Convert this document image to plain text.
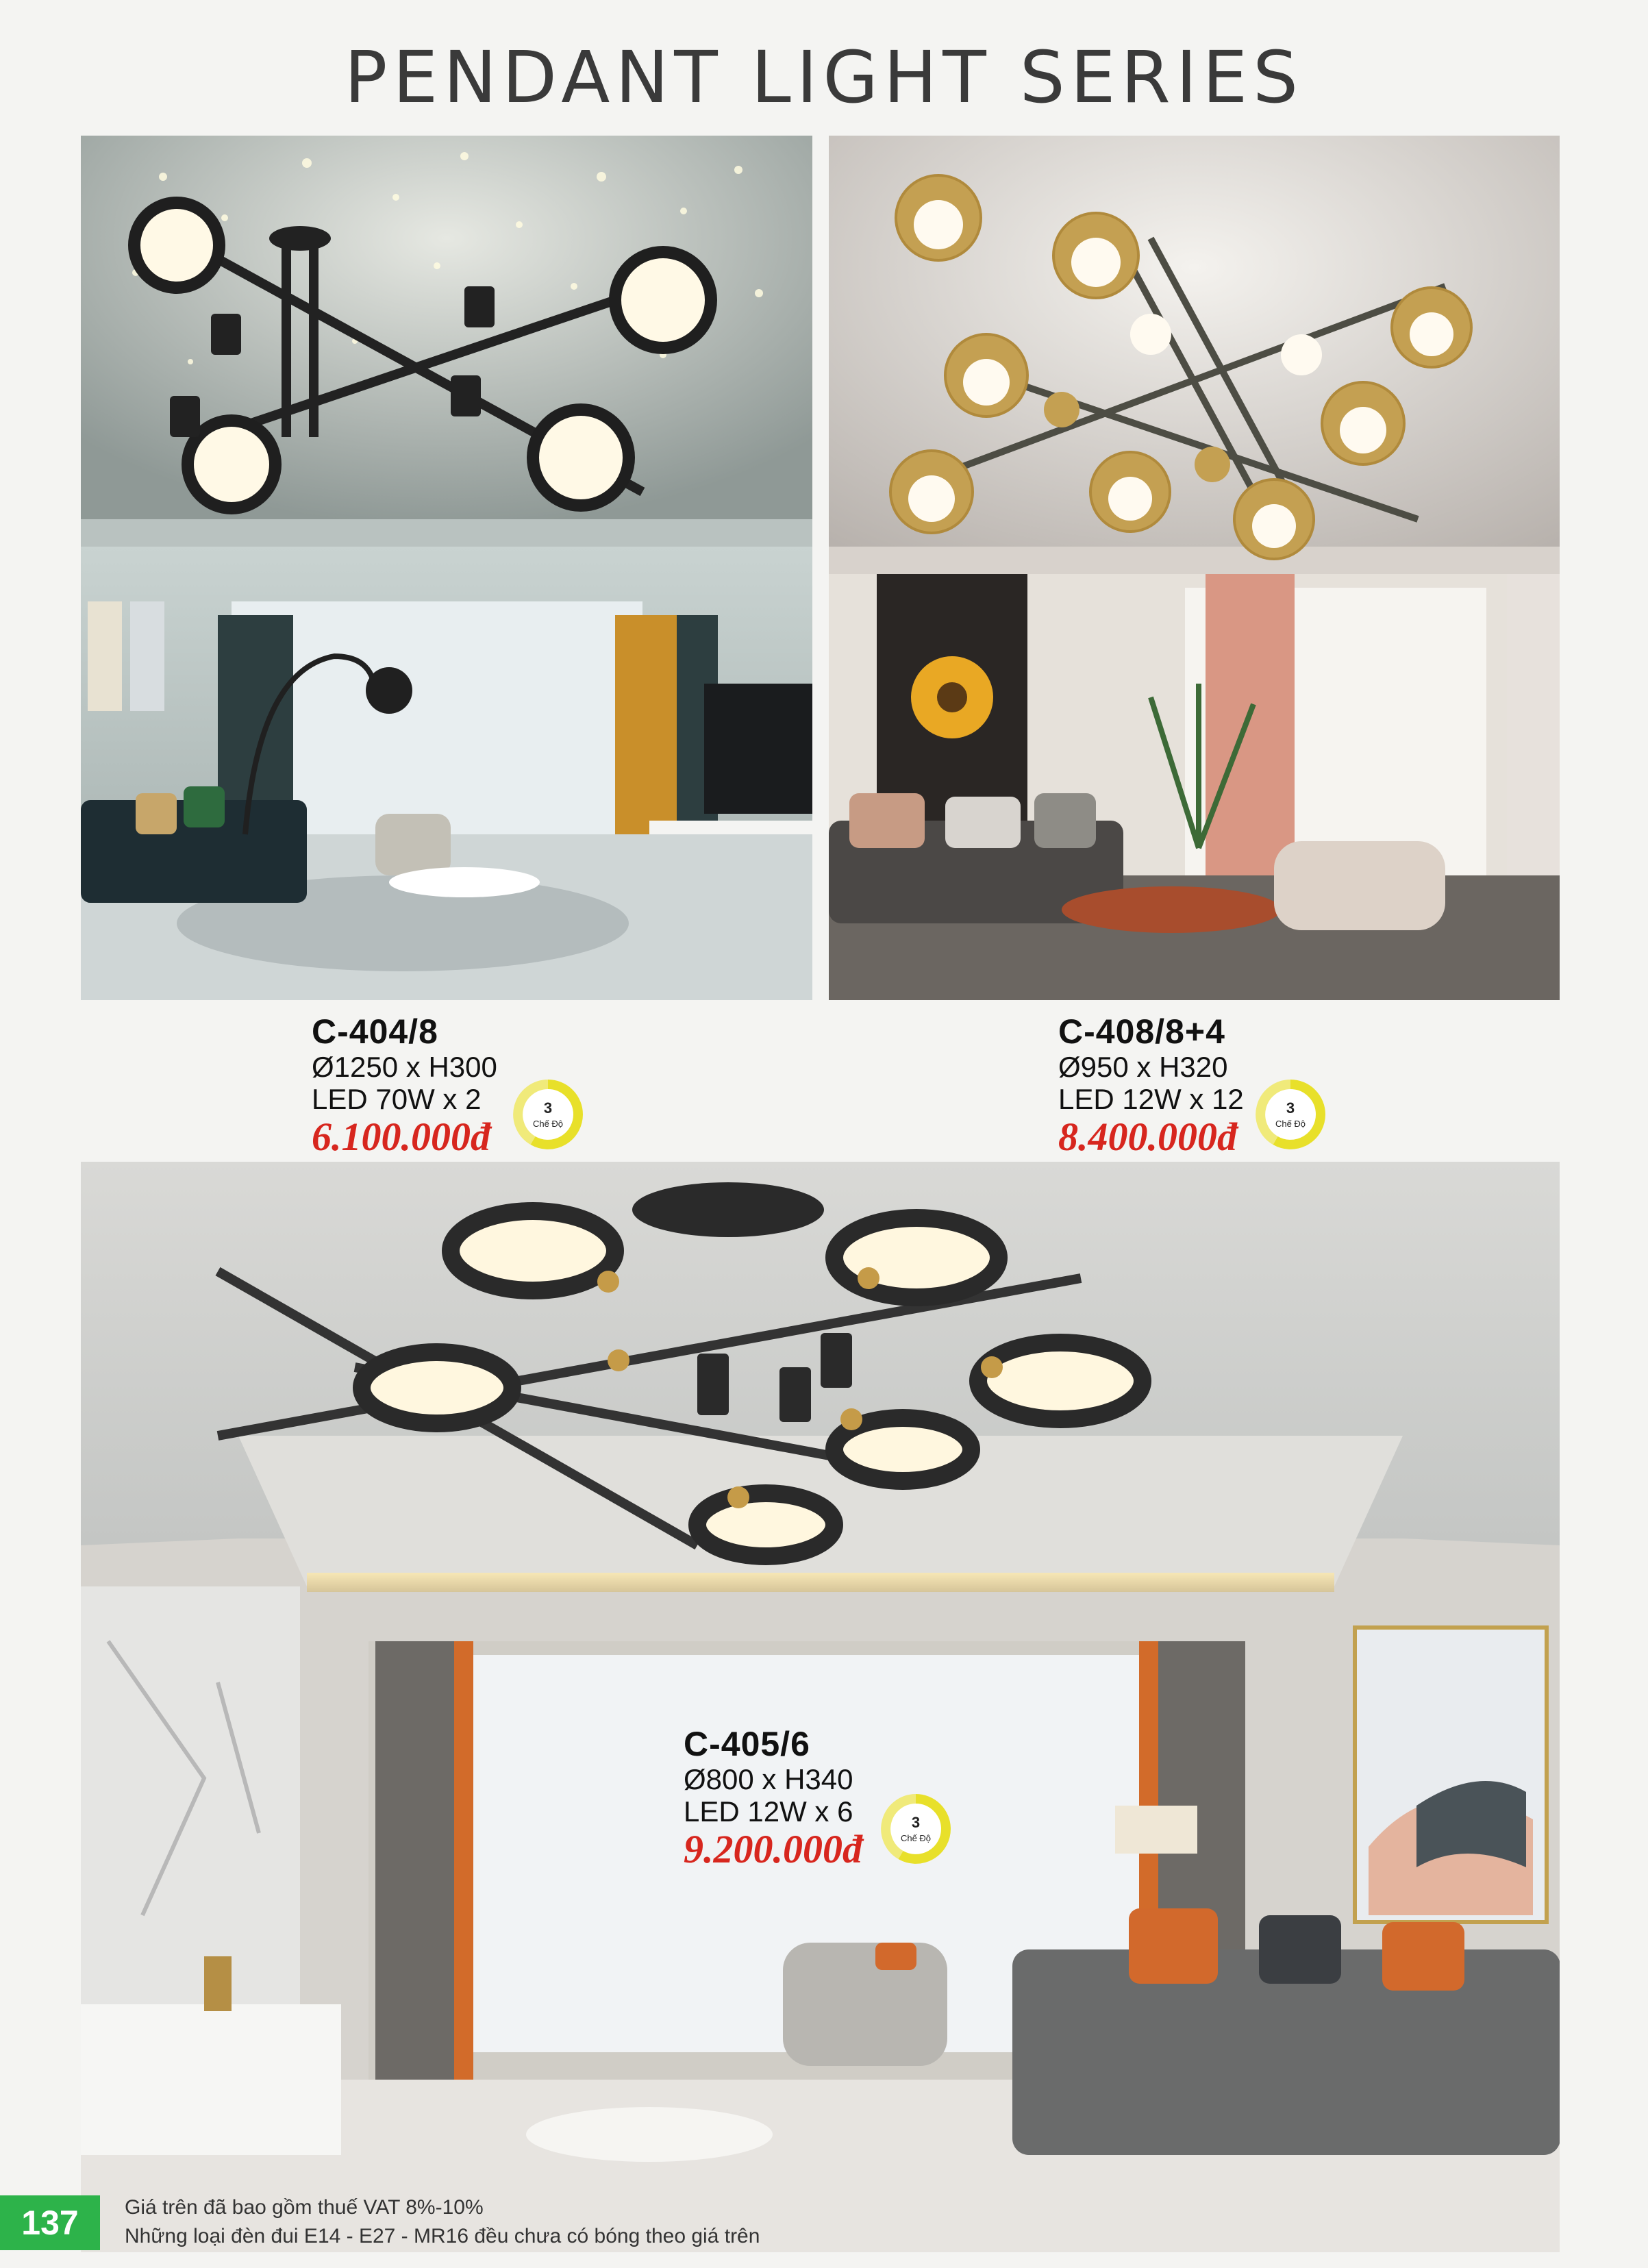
PENDANT LIGHT SERIES
C-404/8
Ø1250 x H300
LED 70W x 2
6.100.000đ
3
Chế Độ
C-408/8+4
Ø950 x H320
LED 12W x 12
8.400.000đ
3
Chế Độ
C-405/6
Ø800 x H340
LED 12W x 6
9.200.000đ
3
Chế Độ
137	Giá trên đã bao gồm thuế VAT 8%-10%
Những loại đèn đui E14 - E27 - MR16 đều chưa có bóng theo giá trên
